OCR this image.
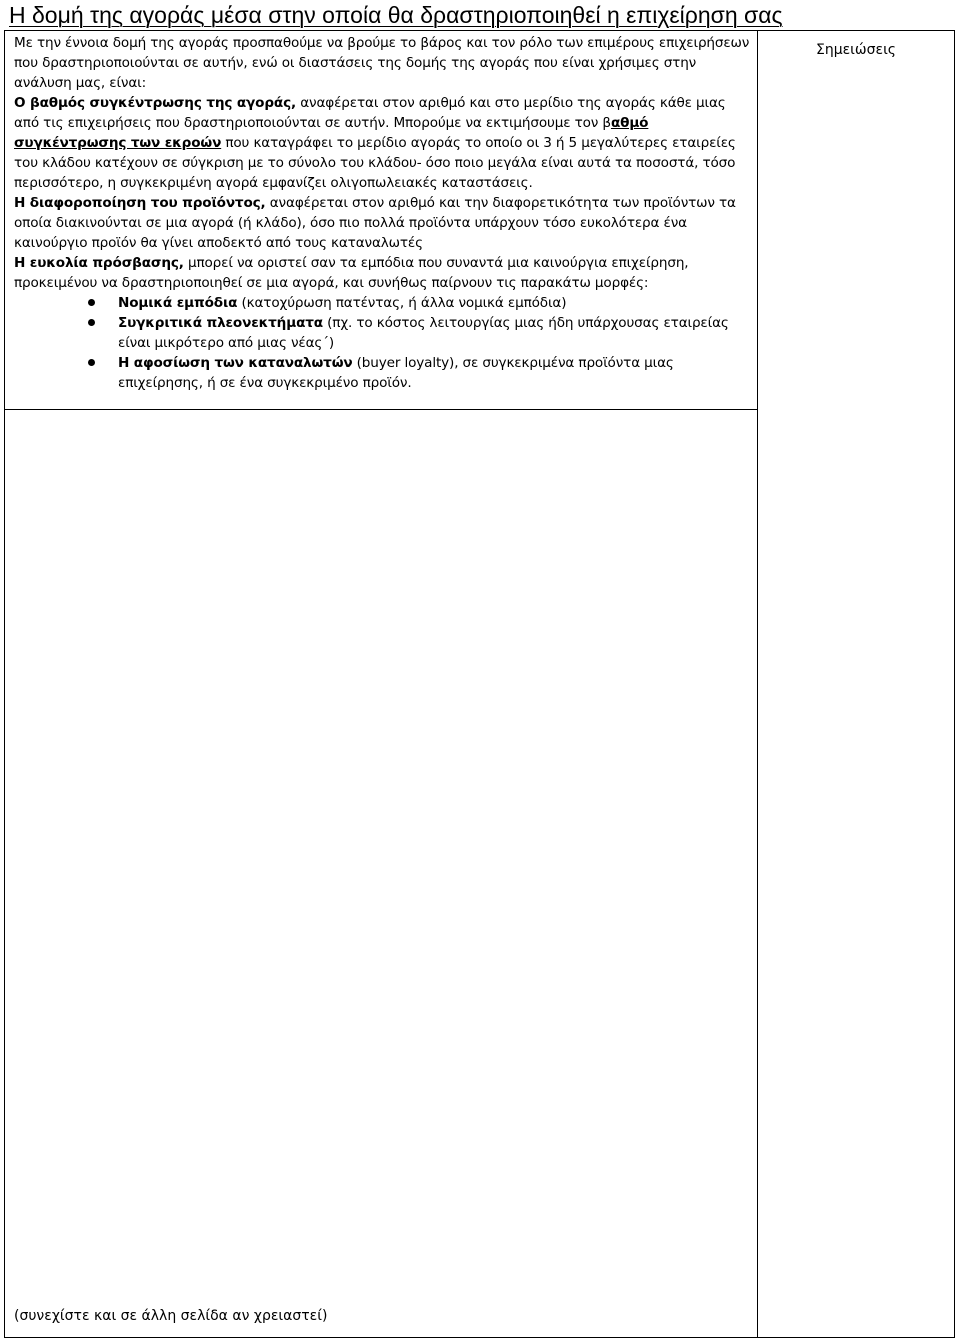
Η δομή της αγοράς μέσα στην οποία θα δραστηριοποιηθεί η επιχείρηση σας
Σημειώσεις

Με την έννοια δομή της αγοράς προσπαθούμε να βρούμε το βάρος και τον ρόλο των επιμέρους επιχειρήσεων που δραστηριοποιούνται σε αυτήν, ενώ οι διαστάσεις της δομής της αγοράς που είναι χρήσιμες στην ανάλυση μας, είναι:

Ο βαθμός συγκέντρωσης της αγοράς, αναφέρεται στον αριθμό και στο μερίδιο της αγοράς κάθε μιας από τις επιχειρήσεις που δραστηριοποιούνται σε αυτήν. Μπορούμε να εκτιμήσουμε τον βαθμό συγκέντρωσης των εκροών που καταγράφει το μερίδιο αγοράς το οποίο οι 3 ή 5 μεγαλύτερες εταιρείες του κλάδου κατέχουν σε σύγκριση με το σύνολο του κλάδου- όσο ποιο μεγάλα είναι αυτά τα ποσοστά, τόσο περισσότερο, η συγκεκριμένη αγορά εμφανίζει ολιγοπωλειακές καταστάσεις.

Η διαφοροποίηση του προϊόντος, αναφέρεται στον αριθμό και την διαφορετικότητα των προϊόντων τα οποία διακινούνται σε μια αγορά (ή κλάδο), όσο πιο πολλά προϊόντα υπάρχουν τόσο ευκολότερα ένα καινούργιο προϊόν θα γίνει αποδεκτό από τους καταναλωτές

Η ευκολία πρόσβασης, μπορεί να οριστεί σαν τα εμπόδια που συναντά μια καινούργια επιχείρηση, προκειμένου να δραστηριοποιηθεί σε μια αγορά, και συνήθως παίρνουν τις παρακάτω μορφές:

Νομικά εμπόδια (κατοχύρωση πατέντας, ή άλλα νομικά εμπόδια)
Συγκριτικά πλεονεκτήματα (πχ. το κόστος λειτουργίας μιας ήδη υπάρχουσας εταιρείας είναι μικρότερο από μιας νέας΄)
Η αφοσίωση των καταναλωτών (buyer loyalty), σε συγκεκριμένα προϊόντα μιας επιχείρησης, ή σε ένα συγκεκριμένο προϊόν.
(συνεχίστε και σε άλλη σελίδα αν χρειαστεί)
